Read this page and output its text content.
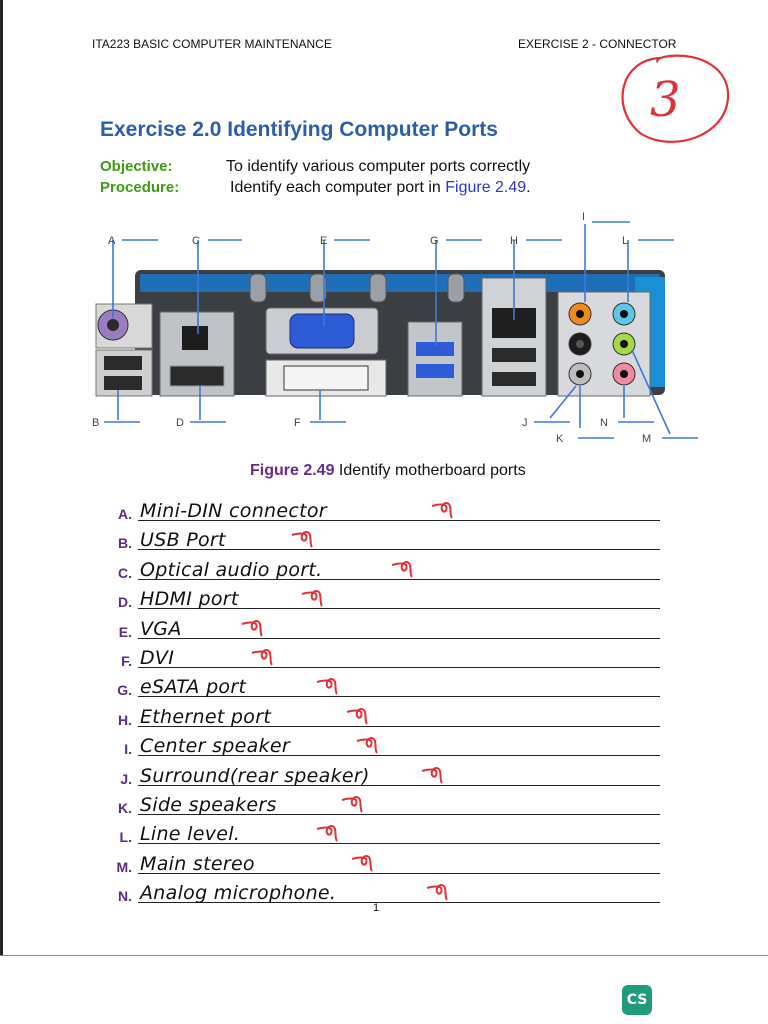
ITA223 BASIC COMPUTER MAINTENANCE	EXERCISE 2 - CONNECTOR
3
Exercise 2.0 Identifying Computer Ports
Objective:	To identify various computer ports correctly
Procedure:	Identify each computer port in Figure 2.49.
A	C	E	G	H
I
L
B	D	F	J
K
N
M
Figure 2.49 Identify motherboard ports
A. Mini-DIN connector
B. USB Port
C. Optical audio port.
D. HDMI port
E. VGA
F. DVI
G. eSATA port
H. Ethernet port
I. Center speaker
J. Surround(rear speaker)
K. Side speakers
L. Line level.
M. Main stereo
N. Analog microphone.
1
CS
